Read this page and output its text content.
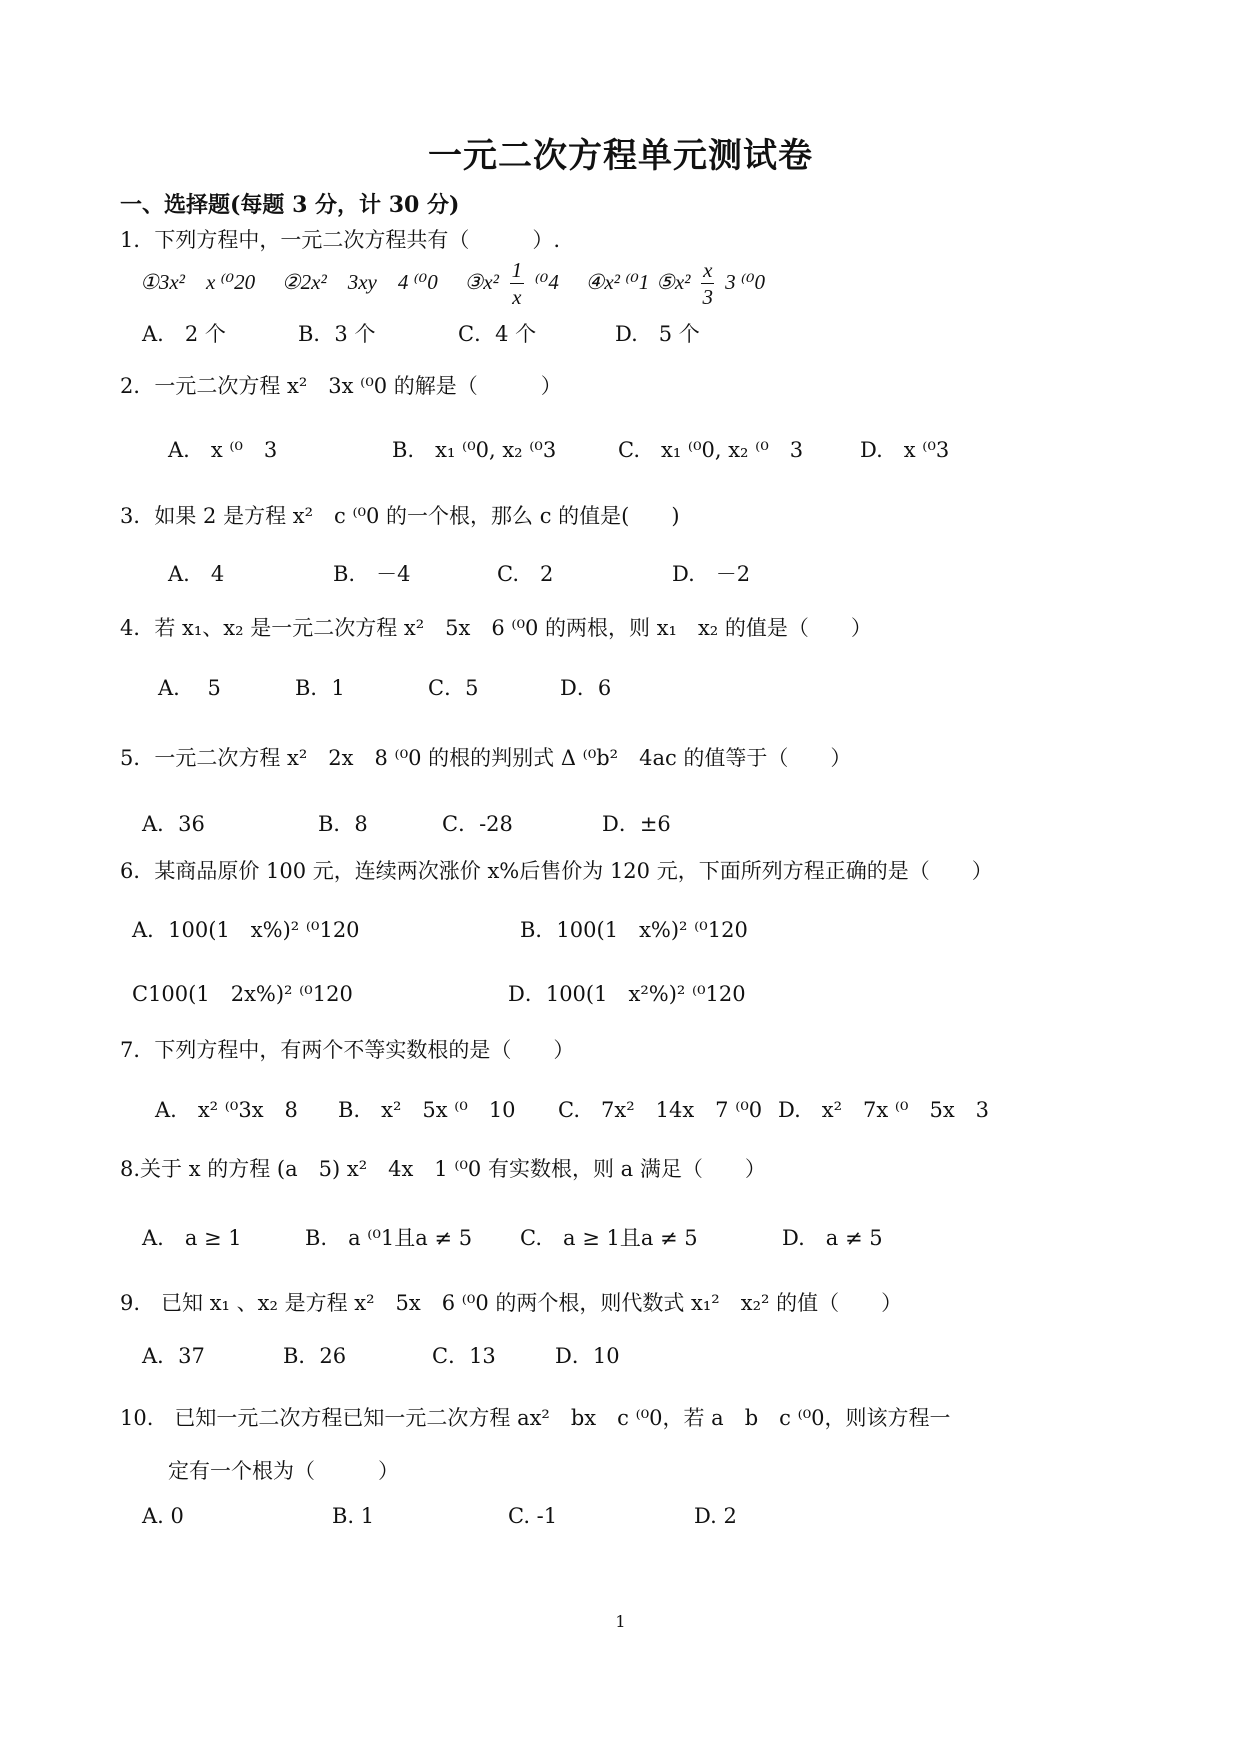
一元二次方程单元测试卷
一、选择题(每题 3 分，计 30 分)
1．下列方程中，一元二次方程共有（　　　）.
①3x²　x ⁽⁰20 ②2x²　3xy　4 ⁽⁰0 ③x² $\frac{1}{x} ^{(0}4$ ④x² ⁽⁰1 ⑤x² $\frac{x}{3} 3$ ⁽⁰0
A.　2 个	B．3 个	C．4 个	D.　5 个
2．一元二次方程 x²　3x ⁽⁰0 的解是（　　　）
A.　x ⁽⁰　3	B.　x₁ ⁽⁰0, x₂ ⁽⁰3	C.　x₁ ⁽⁰0, x₂ ⁽⁰　3	D.　x ⁽⁰3
3．如果 2 是方程 x²　c ⁽⁰0 的一个根，那么 c 的值是(　　)
A.　4	B.　－4	C.　2	D.　－2
4．若 x₁、x₂ 是一元二次方程 x²　5x　6 ⁽⁰0 的两根，则 x₁　x₂ 的值是（　　）
A.　 5	B．1	C．5	D．6
5．一元二次方程 x²　2x　8 ⁽⁰0 的根的判别式 Δ ⁽⁰b²　4ac 的值等于（　　）
A．36	B．8	C．-28	D．±6
6．某商品原价 100 元，连续两次涨价 x%后售价为 120 元，下面所列方程正确的是（　　）
A．100(1　x%)² ⁽⁰120	B．100(1　x%)² ⁽⁰120
C100(1　2x%)² ⁽⁰120	D．100(1　x²%)² ⁽⁰120
7．下列方程中，有两个不等实数根的是（　　）
A.　x² ⁽⁰3x　8 B.　x²　5x ⁽⁰　10 C.　7x²　14x　7 ⁽⁰0 D.　x²　7x ⁽⁰　5x　3
8.关于 x 的方程 (a　5) x²　4x　1 ⁽⁰0 有实数根，则 a 满足（　　）
A.　a ≥ 1	B.　a ⁽⁰1且a ≠ 5 C.　a ≥ 1且a ≠ 5	D.　a ≠ 5
9.　已知 x₁ 、x₂ 是方程 x²　5x　6 ⁽⁰0 的两个根，则代数式 x₁²　x₂² 的值（　　）
A．37	B．26	C．13	D．10
10.　已知一元二次方程已知一元二次方程 ax²　bx　c ⁽⁰0，若 a　b　c ⁽⁰0，则该方程一
定有一个根为（　　　）
A. 0	B. 1	C. -1	D. 2
1
